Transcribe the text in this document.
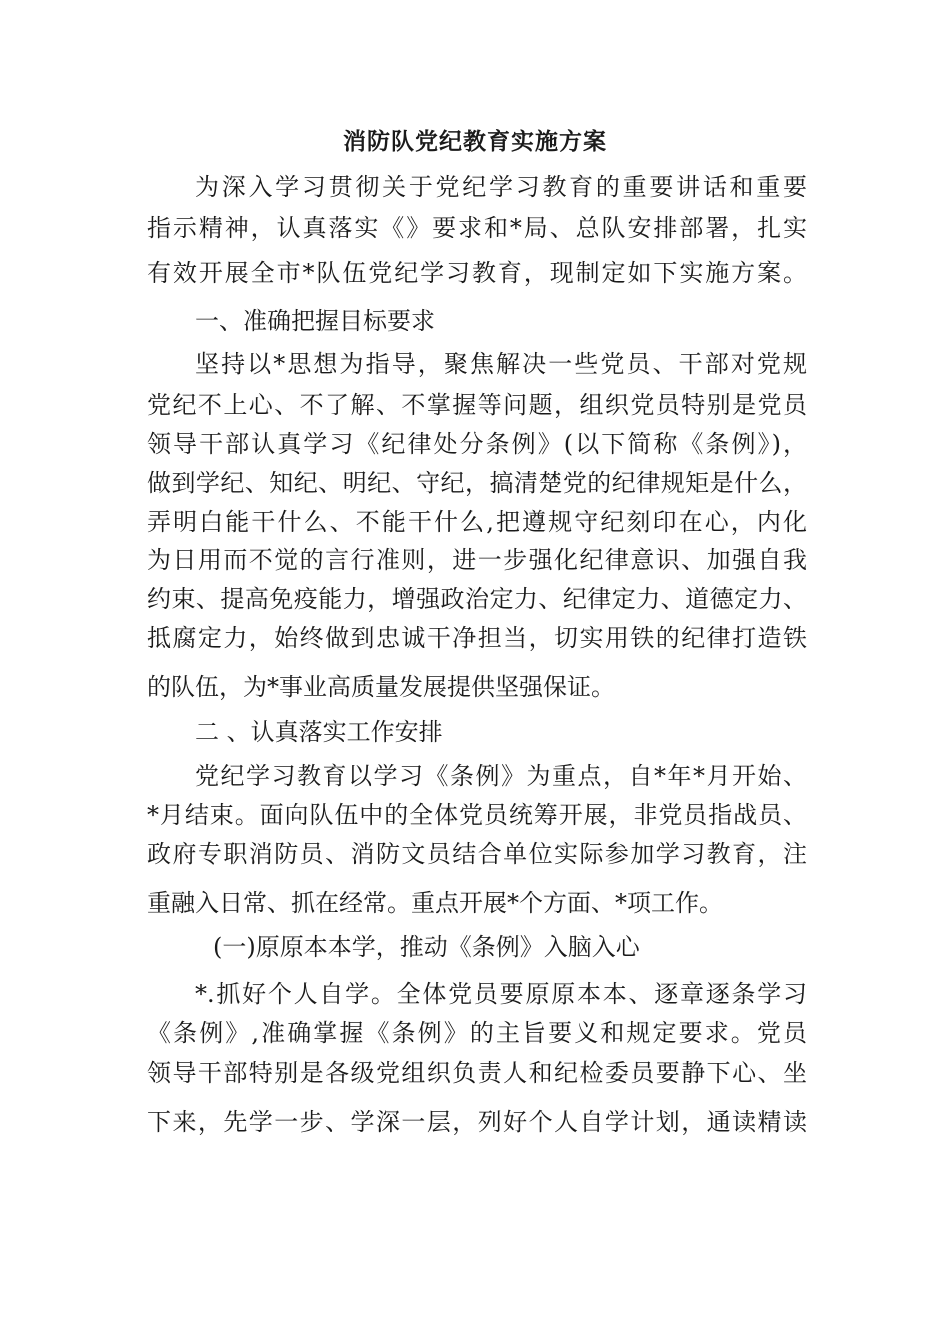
消防队党纪教育实施方案
为深入学习贯彻关于党纪学习教育的重要讲话和重要
指示精神，认真落实《》要求和*局、总队安排部署，扎实
有效开展全市*队伍党纪学习教育，现制定如下实施方案。
一、准确把握目标要求
坚持以*思想为指导，聚焦解决一些党员、干部对党规
党纪不上心、不了解、不掌握等问题，组织党员特别是党员
领导干部认真学习《纪律处分条例》(以下简称《条例》)，
做到学纪、知纪、明纪、守纪，搞清楚党的纪律规矩是什么，
弄明白能干什么、不能干什么,把遵规守纪刻印在心，内化
为日用而不觉的言行准则，进一步强化纪律意识、加强自我
约束、提高免疫能力，增强政治定力、纪律定力、道德定力、
抵腐定力，始终做到忠诚干净担当，切实用铁的纪律打造铁
的队伍，为*事业高质量发展提供坚强保证。
二 、认真落实工作安排
党纪学习教育以学习《条例》为重点，自*年*月开始、
*月结束。面向队伍中的全体党员统筹开展，非党员指战员、
政府专职消防员、消防文员结合单位实际参加学习教育，注
重融入日常、抓在经常。重点开展*个方面、*项工作。
(一)原原本本学，推动《条例》入脑入心
*.抓好个人自学。全体党员要原原本本、逐章逐条学习
《条例》,准确掌握《条例》的主旨要义和规定要求。党员
领导干部特别是各级党组织负责人和纪检委员要静下心、坐
下来，先学一步、学深一层，列好个人自学计划，通读精读
